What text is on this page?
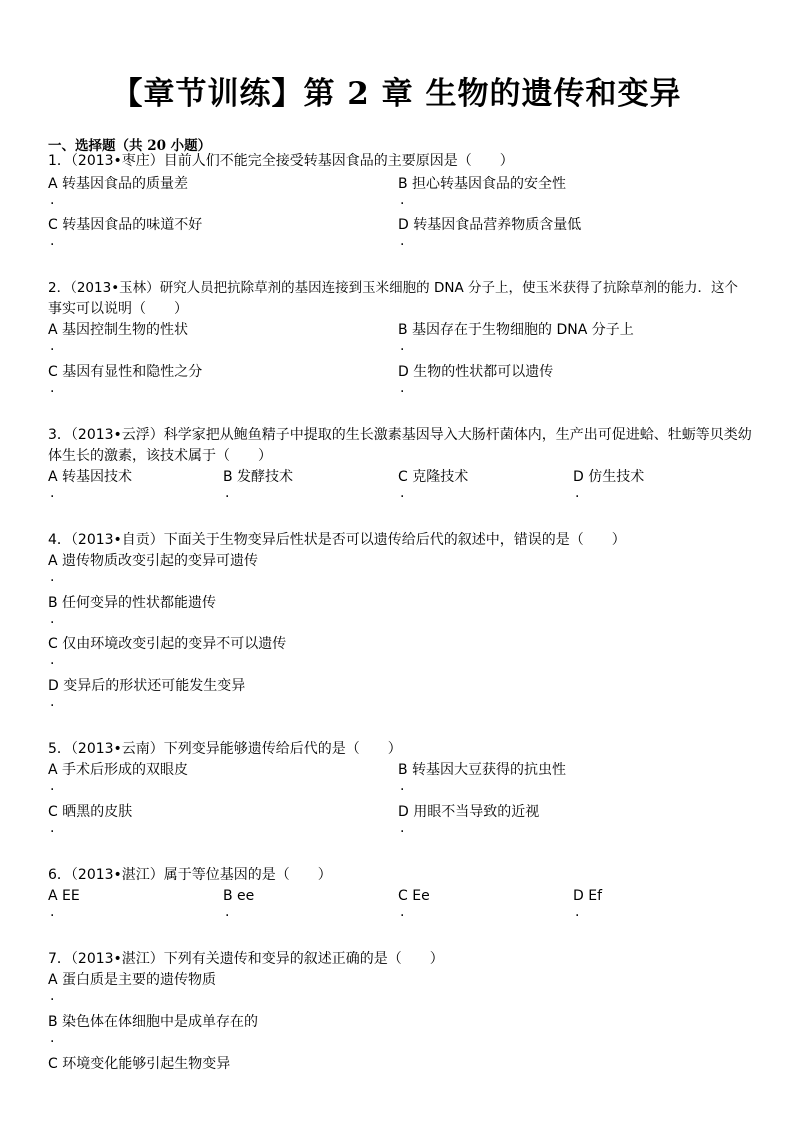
【章节训练】第 2 章 生物的遗传和变异
一、选择题（共 20 小题）
1．（2013•枣庄）目前人们不能完全接受转基因食品的主要原因是（　　）
A 转基因食品的质量差
.
B 担心转基因食品的安全性
.
C 转基因食品的味道不好
.
D 转基因食品营养物质含量低
.
2．（2013•玉林）研究人员把抗除草剂的基因连接到玉米细胞的 DNA 分子上，使玉米获得了抗除草剂的能力．这个
事实可以说明（　　）
A 基因控制生物的性状
.
B 基因存在于生物细胞的 DNA 分子上
.
C 基因有显性和隐性之分
.
D 生物的性状都可以遗传
.
3．（2013•云浮）科学家把从鲍鱼精子中提取的生长激素基因导入大肠杆菌体内，生产出可促进蛤、牡蛎等贝类幼
体生长的激素，该技术属于（　　）
A 转基因技术
.
B 发酵技术
.
C 克隆技术
.
D 仿生技术
.
4．（2013•自贡）下面关于生物变异后性状是否可以遗传给后代的叙述中，错误的是（　　）
A 遗传物质改变引起的变异可遗传
.
B 任何变异的性状都能遗传
.
C 仅由环境改变引起的变异不可以遗传
.
D 变异后的形状还可能发生变异
.
5．（2013•云南）下列变异能够遗传给后代的是（　　）
A 手术后形成的双眼皮
.
B 转基因大豆获得的抗虫性
.
C 晒黑的皮肤
.
D 用眼不当导致的近视
.
6．（2013•湛江）属于等位基因的是（　　）
A EE
.
B ee
.
C Ee
.
D Ef
.
7．（2013•湛江）下列有关遗传和变异的叙述正确的是（　　）
A 蛋白质是主要的遗传物质
.
B 染色体在体细胞中是成单存在的
.
C 环境变化能够引起生物变异
